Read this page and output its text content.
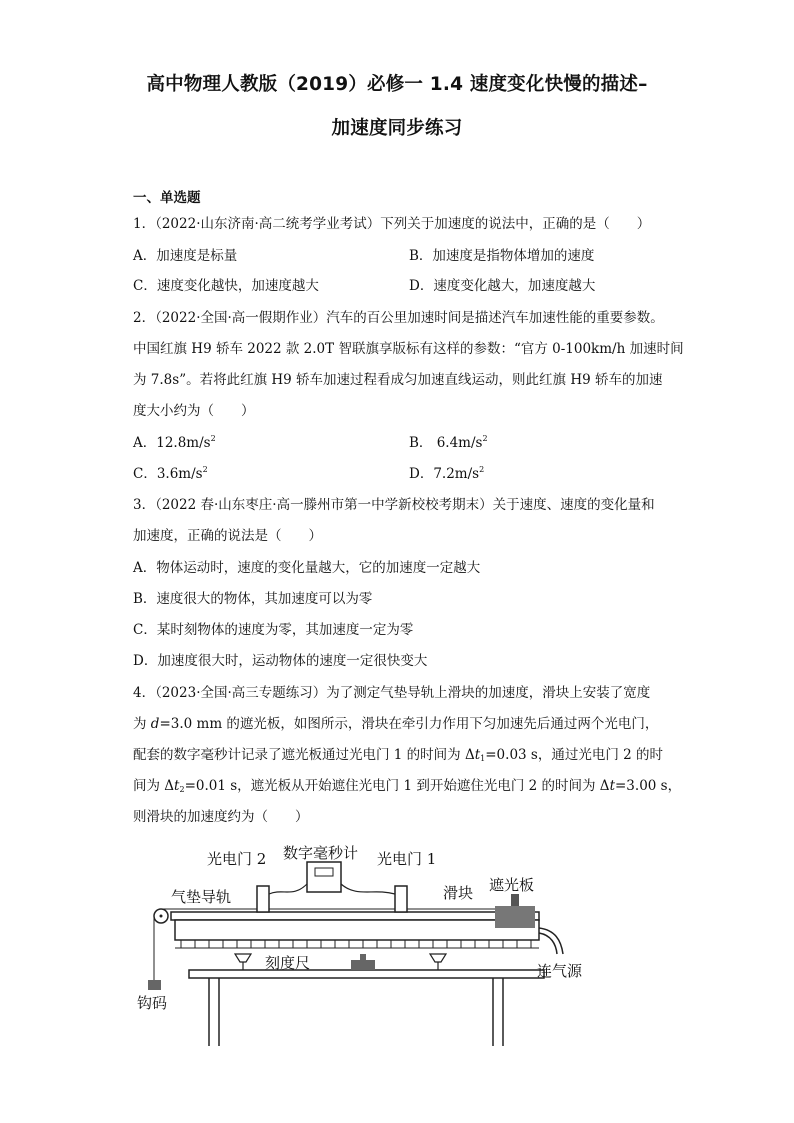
高中物理人教版（2019）必修一 1.4 速度变化快慢的描述–
加速度同步练习
一、单选题
1．（2022·山东济南·高二统考学业考试）下列关于加速度的说法中，正确的是（　　）
A．加速度是标量	B．加速度是指物体增加的速度
C．速度变化越快，加速度越大	D．速度变化越大，加速度越大
2．（2022·全国·高一假期作业）汽车的百公里加速时间是描述汽车加速性能的重要参数。
中国红旗 H9 轿车 2022 款 2.0T 智联旗享版标有这样的参数：“官方 0-100km/h 加速时间
为 7.8s”。若将此红旗 H9 轿车加速过程看成匀加速直线运动，则此红旗 H9 轿车的加速
度大小约为（　　）
A．$12.8m/s^2$	B． $6.4m/s^2$
C．$3.6m/s^2$	D．$7.2m/s^2$
3．（2022 春·山东枣庄·高一滕州市第一中学新校校考期末）关于速度、速度的变化量和
加速度，正确的说法是（　　）
A．物体运动时，速度的变化量越大，它的加速度一定越大
B．速度很大的物体，其加速度可以为零
C．某时刻物体的速度为零，其加速度一定为零
D．加速度很大时，运动物体的速度一定很快变大
4．（2023·全国·高三专题练习）为了测定气垫导轨上滑块的加速度，滑块上安装了宽度
为 d=3.0 mm 的遮光板，如图所示，滑块在牵引力作用下匀加速先后通过两个光电门，
配套的数字毫秒计记录了遮光板通过光电门 1 的时间为 $\Delta t_1=0.03$ s，通过光电门 2 的时
间为 $\Delta t_2=0.01$ s，遮光板从开始遮住光电门 1 到开始遮住光电门 2 的时间为 Δt=3.00 s，
则滑块的加速度约为（　　）
光电门 2 数字毫秒计 光电门 1
气垫导轨	滑块 遮光板
刻度尺	连气源
钩码
